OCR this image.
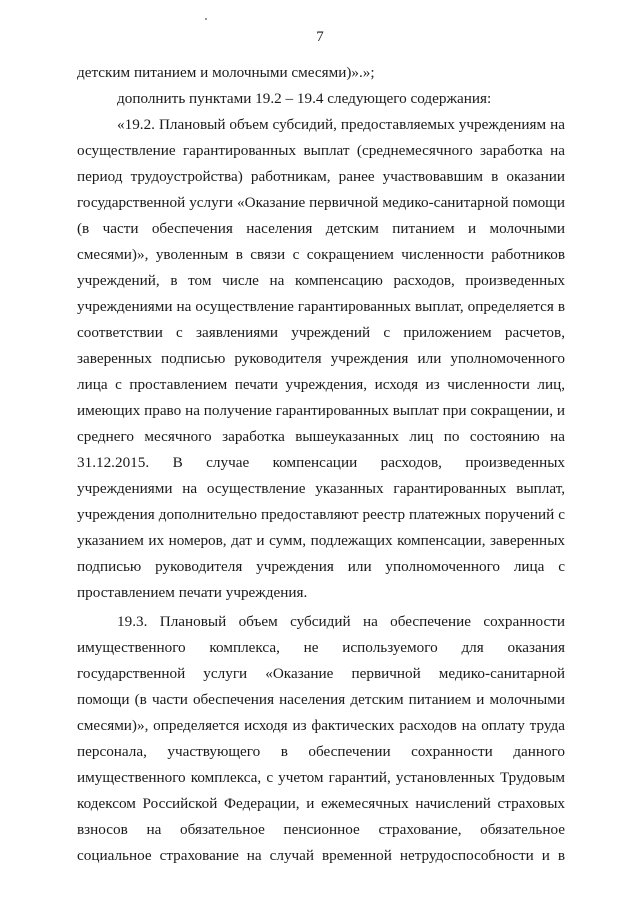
7
детским питанием и молочными смесями)».»;
дополнить пунктами 19.2 – 19.4 следующего содержания:
«19.2. Плановый объем субсидий, предоставляемых учреждениям на
осуществление гарантированных выплат (среднемесячного заработка на
период трудоустройства) работникам, ранее участвовавшим в оказании
государственной услуги «Оказание первичной медико-санитарной помощи
(в части обеспечения населения детским питанием и молочными
смесями)», уволенным в связи с сокращением численности работников
учреждений, в том числе на компенсацию расходов, произведенных
учреждениями на осуществление гарантированных выплат, определяется в
соответствии с заявлениями учреждений с приложением расчетов,
заверенных подписью руководителя учреждения или уполномоченного
лица с проставлением печати учреждения, исходя из численности лиц,
имеющих право на получение гарантированных выплат при сокращении, и
среднего месячного заработка вышеуказанных лиц по состоянию на
31.12.2015. В случае компенсации расходов, произведенных
учреждениями на осуществление указанных гарантированных выплат,
учреждения дополнительно предоставляют реестр платежных поручений с
указанием их номеров, дат и сумм, подлежащих компенсации, заверенных
подписью руководителя учреждения или уполномоченного лица с
проставлением печати учреждения.
19.3. Плановый объем субсидий на обеспечение сохранности
имущественного комплекса, не используемого для оказания
государственной услуги «Оказание первичной медико-санитарной
помощи (в части обеспечения населения детским питанием и молочными
смесями)», определяется исходя из фактических расходов на оплату труда
персонала, участвующего в обеспечении сохранности данного
имущественного комплекса, с учетом гарантий, установленных Трудовым
кодексом Российской Федерации, и ежемесячных начислений страховых
взносов на обязательное пенсионное страхование, обязательное
социальное страхование на случай временной нетрудоспособности и в
